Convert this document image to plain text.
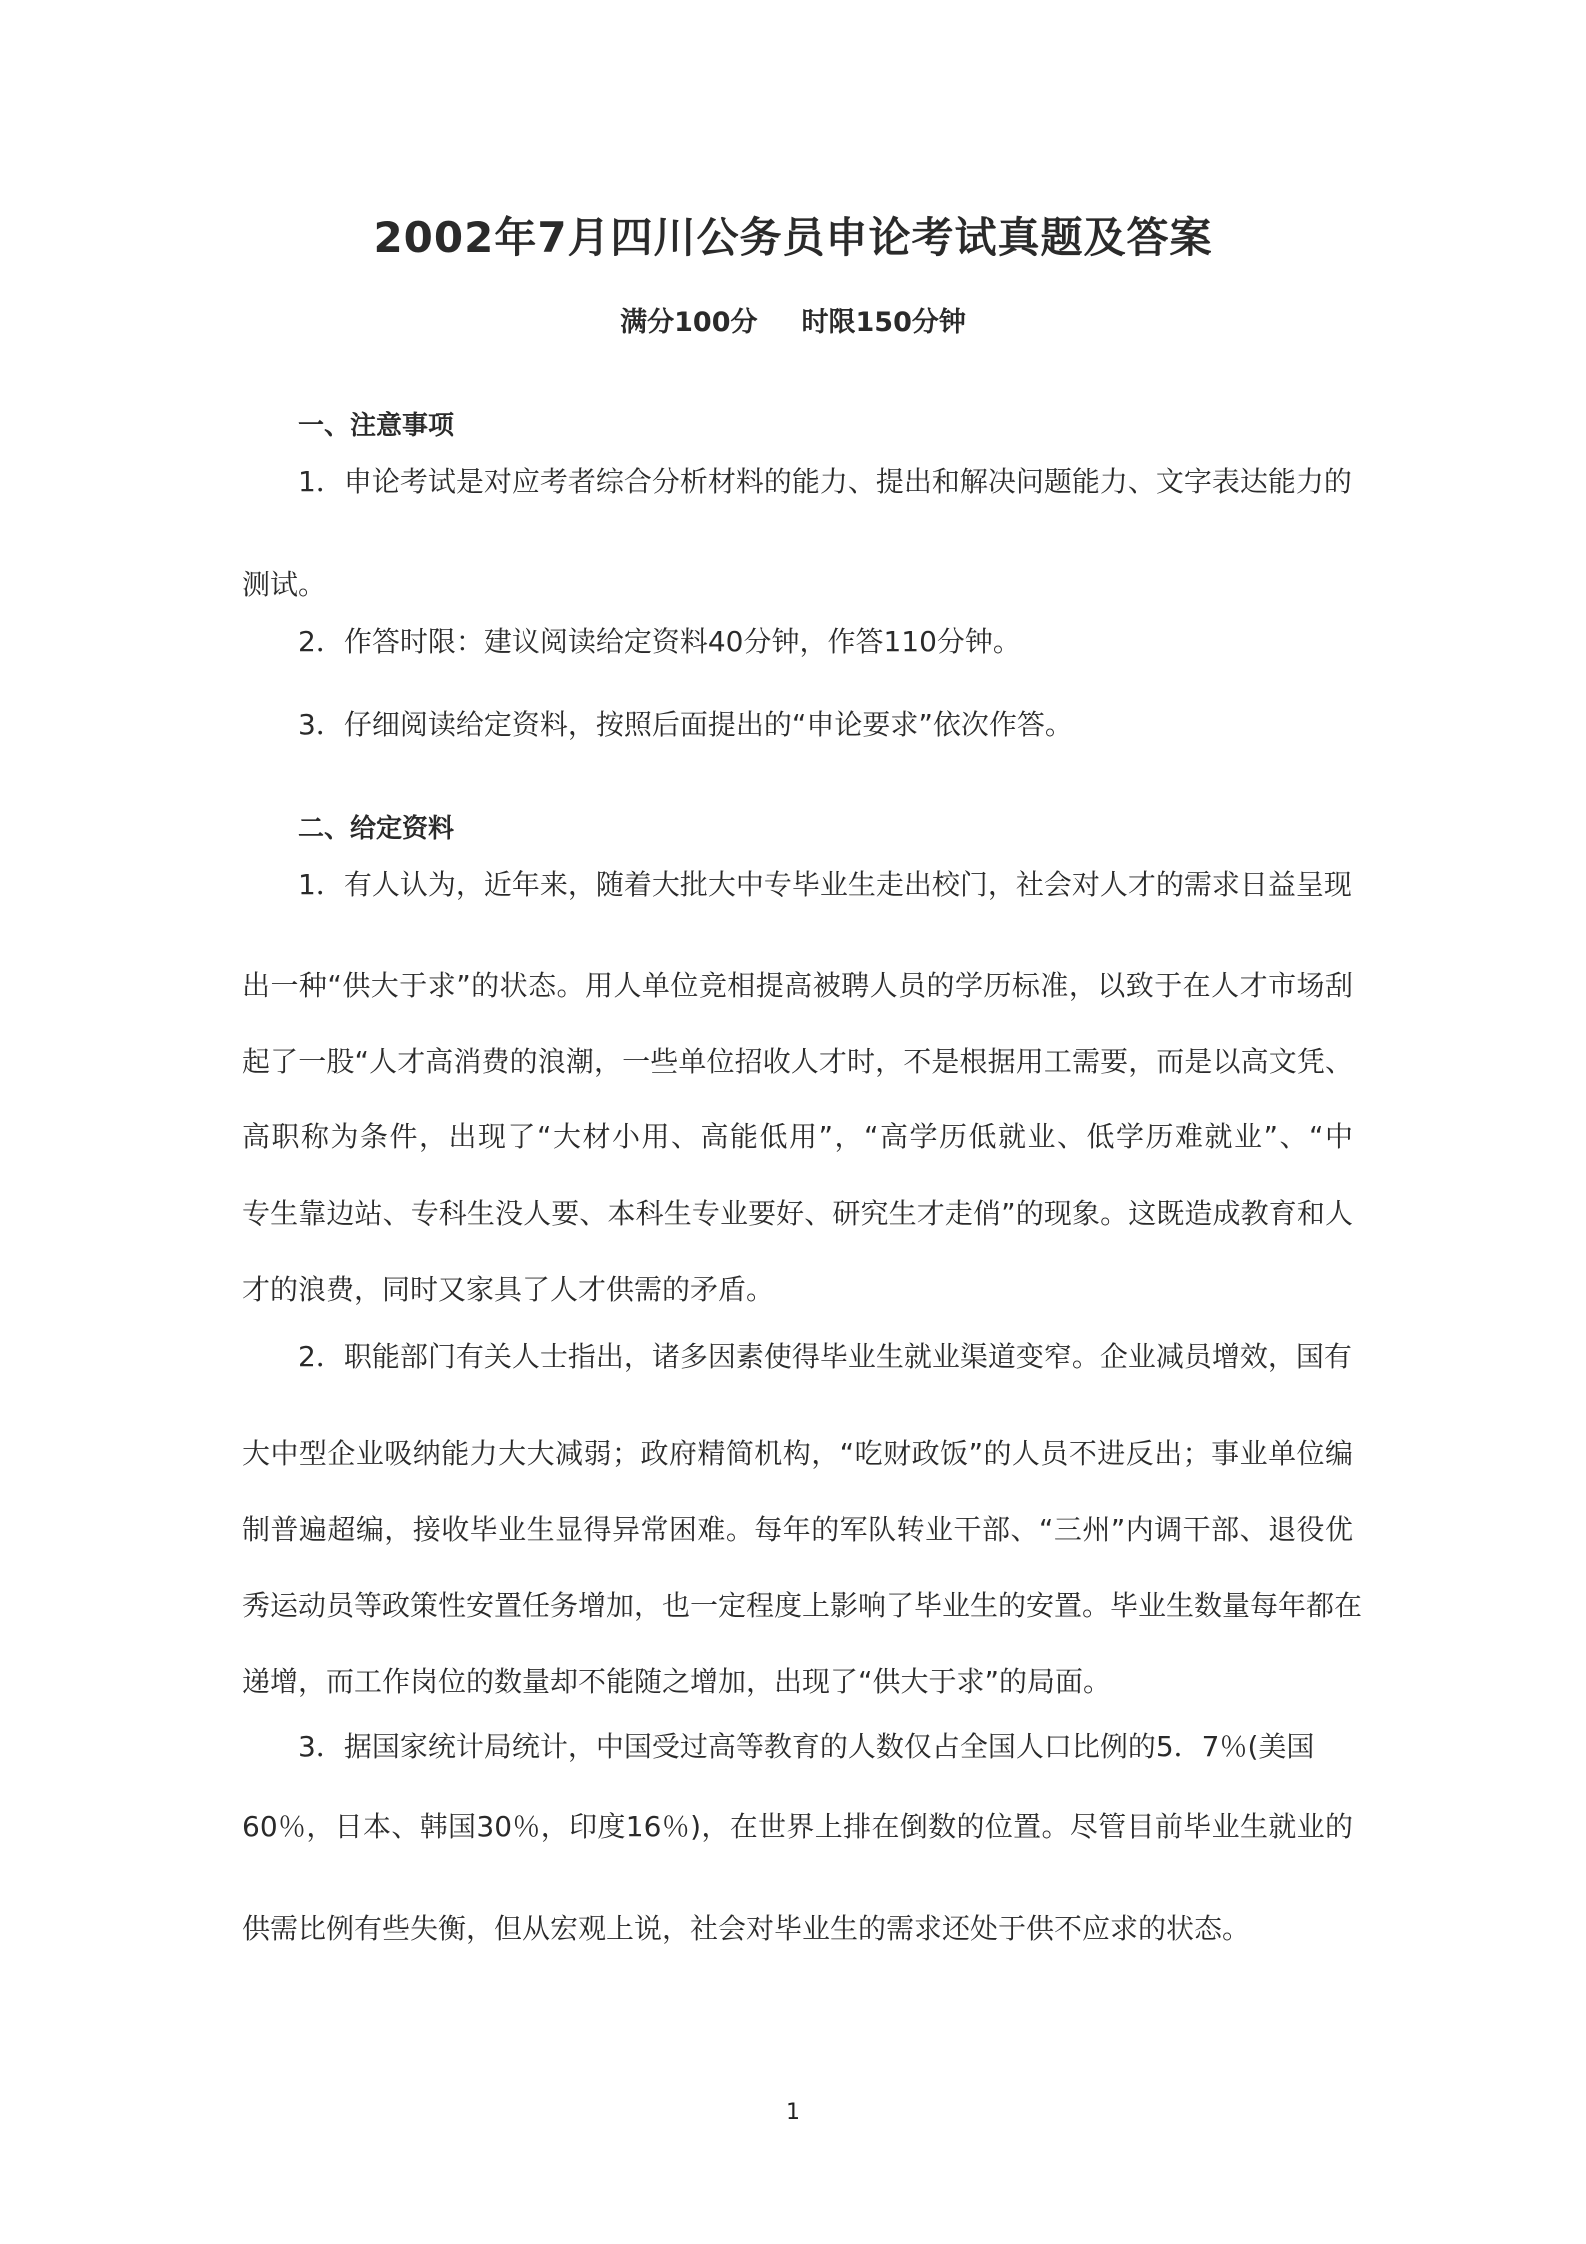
2002年7月四川公务员申论考试真题及答案
满分100分 时限150分钟
一、注意事项
1．申论考试是对应考者综合分析材料的能力、提出和解决问题能力、文字表达能力的
测试。
2．作答时限：建议阅读给定资料40分钟，作答110分钟。
3．仔细阅读给定资料，按照后面提出的“申论要求”依次作答。
二、给定资料
1．有人认为，近年来，随着大批大中专毕业生走出校门，社会对人才的需求日益呈现
出一种“供大于求”的状态。用人单位竞相提高被聘人员的学历标准，以致于在人才市场刮
起了一股“人才高消费的浪潮，一些单位招收人才时，不是根据用工需要，而是以高文凭、
高职称为条件，出现了“大材小用、高能低用”，“高学历低就业、低学历难就业”、“中
专生靠边站、专科生没人要、本科生专业要好、研究生才走俏”的现象。这既造成教育和人
才的浪费，同时又家具了人才供需的矛盾。
2．职能部门有关人士指出，诸多因素使得毕业生就业渠道变窄。企业减员增效，国有
大中型企业吸纳能力大大减弱；政府精简机构，“吃财政饭”的人员不进反出；事业单位编
制普遍超编，接收毕业生显得异常困难。每年的军队转业干部、“三州”内调干部、退役优
秀运动员等政策性安置任务增加，也一定程度上影响了毕业生的安置。毕业生数量每年都在
递增，而工作岗位的数量却不能随之增加，出现了“供大于求”的局面。
3．据国家统计局统计，中国受过高等教育的人数仅占全国人口比例的5．7％(美国
60％，日本、韩国30％，印度16％)，在世界上排在倒数的位置。尽管目前毕业生就业的
供需比例有些失衡，但从宏观上说，社会对毕业生的需求还处于供不应求的状态。
1
